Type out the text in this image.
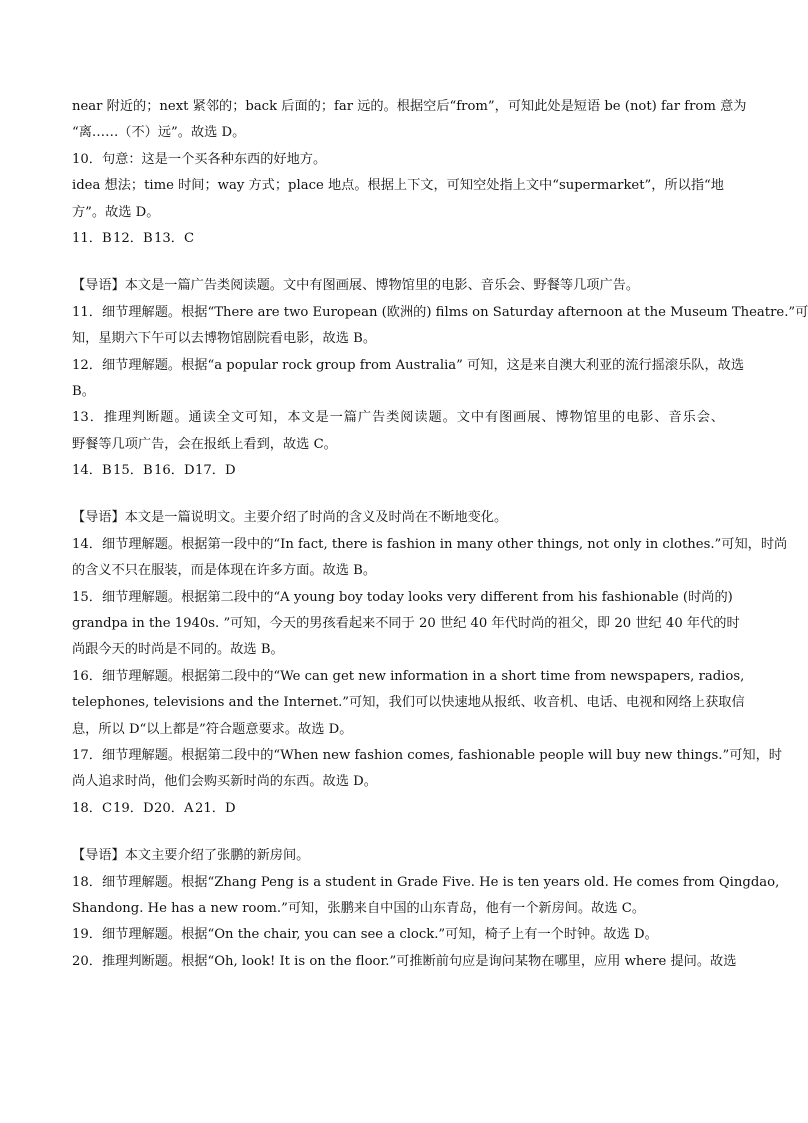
near 附近的；next 紧邻的；back 后面的；far 远的。根据空后“from”，可知此处是短语 be (not) far from 意为
“离……（不）远”。故选 D。
10．句意：这是一个买各种东西的好地方。
idea 想法；time 时间；way 方式；place 地点。根据上下文，可知空处指上文中“supermarket”，所以指“地
方”。故选 D。
11．B12．B13．C
【导语】本文是一篇广告类阅读题。文中有图画展、博物馆里的电影、音乐会、野餐等几项广告。
11．细节理解题。根据“There are two European (欧洲的) films on Saturday afternoon at the Museum Theatre.”可
知，星期六下午可以去博物馆剧院看电影，故选 B。
12．细节理解题。根据“a popular rock group from Australia” 可知，这是来自澳大利亚的流行摇滚乐队，故选
B。
13．推理判断题。通读全文可知，本文是一篇广告类阅读题。文中有图画展、博物馆里的电影、音乐会、
野餐等几项广告，会在报纸上看到，故选 C。
14．B15．B16．D17．D
【导语】本文是一篇说明文。主要介绍了时尚的含义及时尚在不断地变化。
14．细节理解题。根据第一段中的“In fact, there is fashion in many other things, not only in clothes.”可知，时尚
的含义不只在服装，而是体现在许多方面。故选 B。
15．细节理解题。根据第二段中的“A young boy today looks very different from his fashionable (时尚的)
grandpa in the 1940s. ”可知，今天的男孩看起来不同于 20 世纪 40 年代时尚的祖父，即 20 世纪 40 年代的时
尚跟今天的时尚是不同的。故选 B。
16．细节理解题。根据第二段中的“We can get new information in a short time from newspapers, radios,
telephones, televisions and the Internet.”可知，我们可以快速地从报纸、收音机、电话、电视和网络上获取信
息，所以 D“以上都是”符合题意要求。故选 D。
17．细节理解题。根据第二段中的“When new fashion comes, fashionable people will buy new things.”可知，时
尚人追求时尚，他们会购买新时尚的东西。故选 D。
18．C19．D20．A 21．D
【导语】本文主要介绍了张鹏的新房间。
18．细节理解题。根据“Zhang Peng is a student in Grade Five. He is ten years old. He comes from Qingdao,
Shandong. He has a new room.”可知，张鹏来自中国的山东青岛，他有一个新房间。故选 C。
19．细节理解题。根据“On the chair, you can see a clock.”可知，椅子上有一个时钟。故选 D。
20．推理判断题。根据“Oh, look! It is on the floor.”可推断前句应是询问某物在哪里，应用 where 提问。故选
